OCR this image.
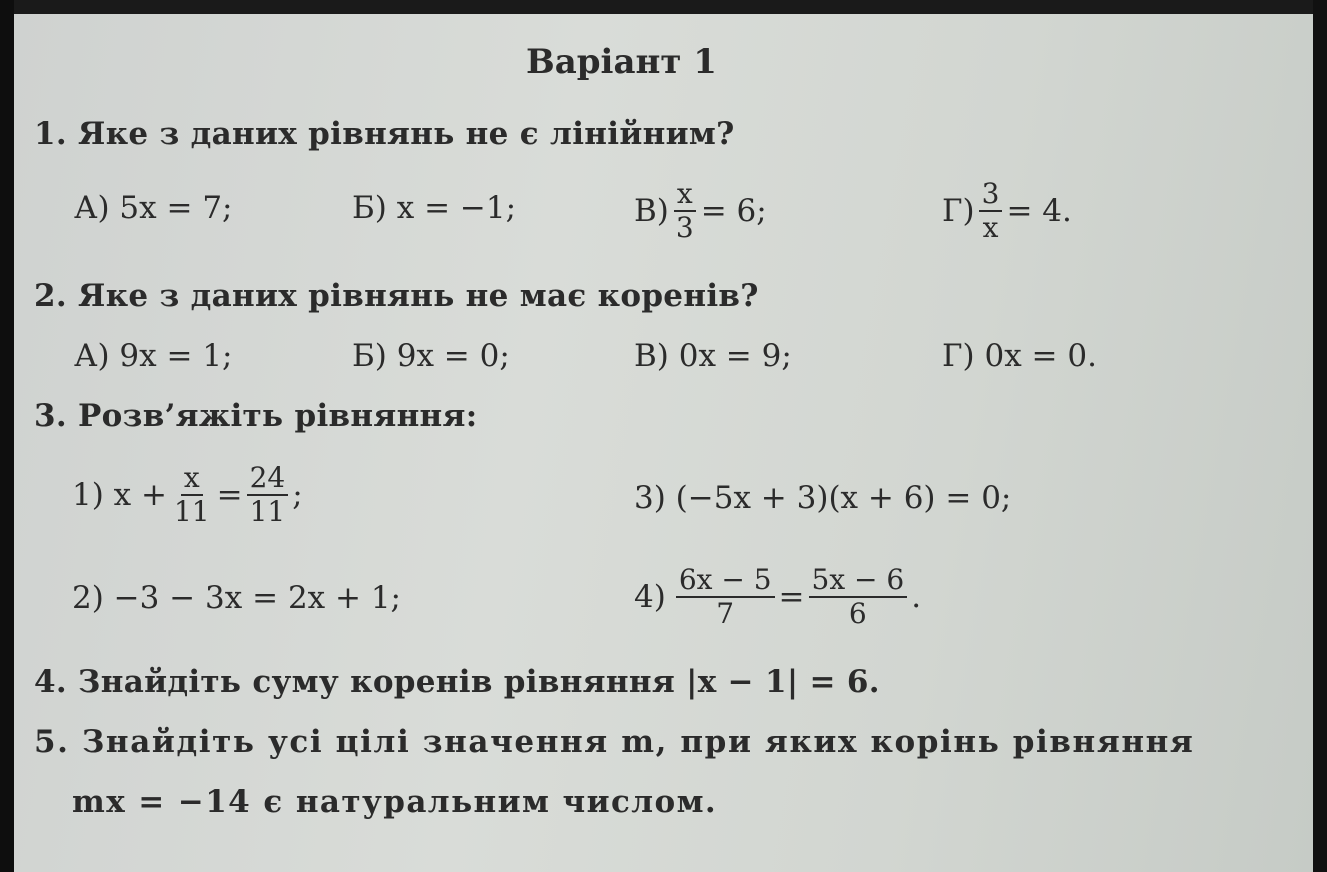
Варіант 1
1. Яке з даних рівнянь не є лінійним?
А) 5x = 7;	Б) x = −1;	$В) \frac{x}{3} = 6$;	$Г) \frac{3}{x} = 4$.
2. Яке з даних рівнянь не має коренів?
А) 9x = 1;	Б) 9x = 0;	В) 0x = 9;	Г) 0x = 0.
3. Розв’яжіть рівняння:
1) $x + \frac{x}{11} = \frac{24}{11}$ ;	3) (−5x + 3)(x + 6) = 0;
2) −3 − 3x = 2x + 1;	$4) \frac{6x - 5}{7} = \frac{5x - 6}{6}$ .
4. Знайдіть суму коренів рівняння |x − 1| = 6.
5. Знайдіть усі цілі значення m, при яких корінь рівняння
mx = −14 є натуральним числом.
